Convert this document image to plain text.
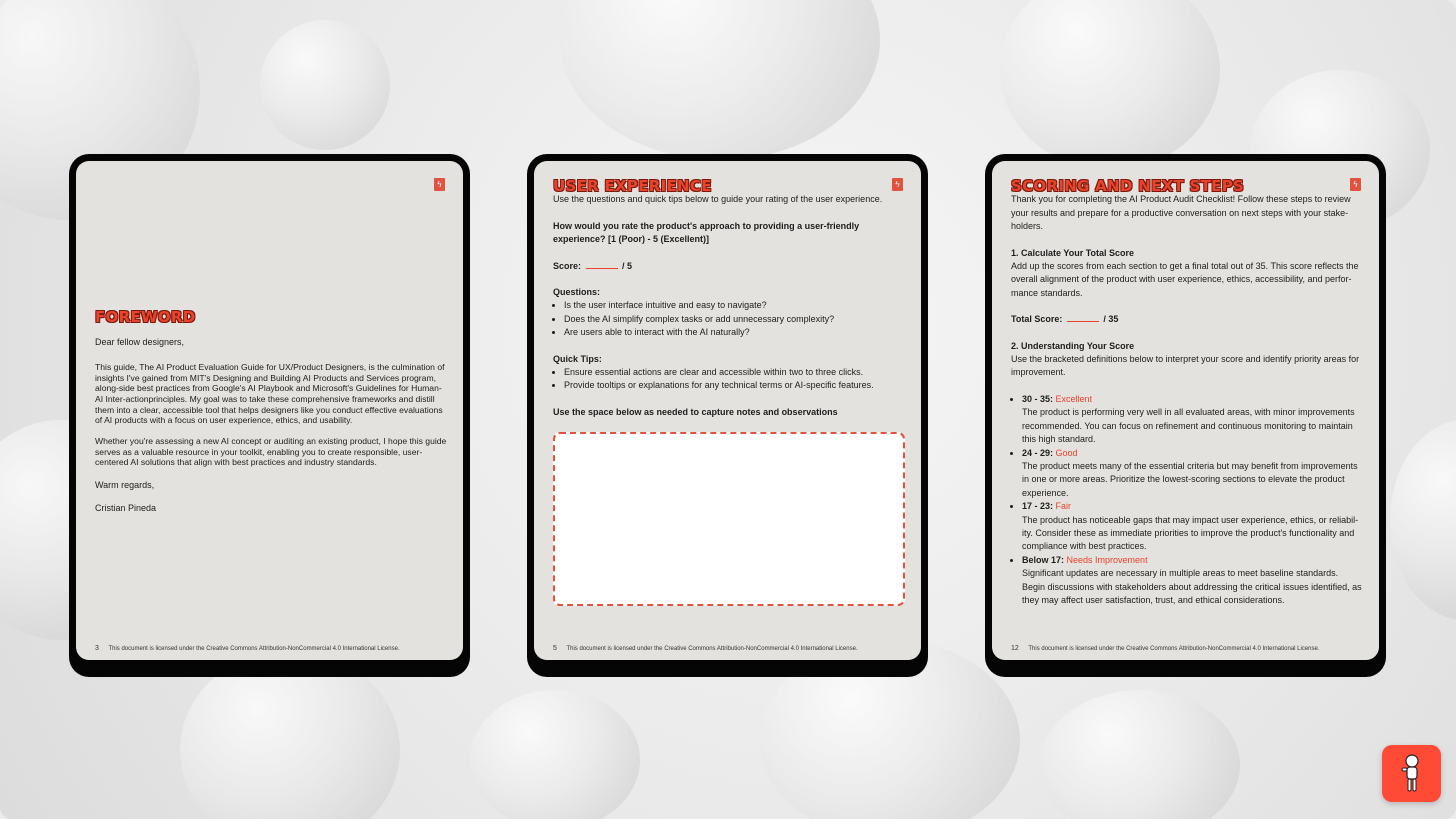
ϟ
FOREWORD

Dear fellow designers,

This guide, The AI Product Evaluation Guide for UX/Product Designers, is the culmination of insights I've gained from MIT's Designing and Building AI Products and Services program, along-side best practices from Google's AI Playbook and Microsoft's Guidelines for Human-AI Inter-actionprinciples. My goal was to take these comprehensive frameworks and distill them into a clear, accessible tool that helps designers like you conduct effective evaluations of AI products with a focus on user experience, ethics, and usability.

Whether you're assessing a new AI concept or auditing an existing product, I hope this guide serves as a valuable resource in your toolkit, enabling you to create responsible, user-centered AI solutions that align with best practices and industry standards.

Warm regards,

Cristian Pineda

3 This document is licensed under the Creative Commons Attribution-NonCommercial 4.0 International License.
ϟ
USER EXPERIENCE

Use the questions and quick tips below to guide your rating of the user experience.

How would you rate the product's approach to providing a user-friendly experience? [1 (Poor) - 5 (Excellent)]

Score:	/ 5

Questions:

• Is the user interface intuitive and easy to navigate?
• Does the AI simplify complex tasks or add unnecessary complexity?
• Are users able to interact with the AI naturally?

Quick Tips:

• Ensure essential actions are clear and accessible within two to three clicks.
• Provide tooltips or explanations for any technical terms or AI-specific features.

Use the space below as needed to capture notes and observations

5 This document is licensed under the Creative Commons Attribution-NonCommercial 4.0 International License.
ϟ
SCORING AND NEXT STEPS

Thank you for completing the AI Product Audit Checklist! Follow these steps to review your results and prepare for a productive conversation on next steps with your stake-holders.

1. Calculate Your Total Score

Add up the scores from each section to get a final total out of 35. This score reflects the overall alignment of the product with user experience, ethics, accessibility, and perfor-mance standards.

Total Score:	/ 35

2. Understanding Your Score

Use the bracketed definitions below to interpret your score and identify priority areas for improvement.

• 30 - 35: Excellent
The product is performing very well in all evaluated areas, with minor improvements recommended. You can focus on refinement and continuous monitoring to maintain this high standard.
• 24 - 29: Good
The product meets many of the essential criteria but may benefit from improvements in one or more areas. Prioritize the lowest-scoring sections to elevate the product experience.
• 17 - 23: Fair
The product has noticeable gaps that may impact user experience, ethics, or reliabil-ity. Consider these as immediate priorities to improve the product's functionality and compliance with best practices.
• Below 17: Needs Improvement
Significant updates are necessary in multiple areas to meet baseline standards. Begin discussions with stakeholders about addressing the critical issues identified, as they may affect user satisfaction, trust, and ethical considerations.
12 This document is licensed under the Creative Commons Attribution-NonCommercial 4.0 International License.
